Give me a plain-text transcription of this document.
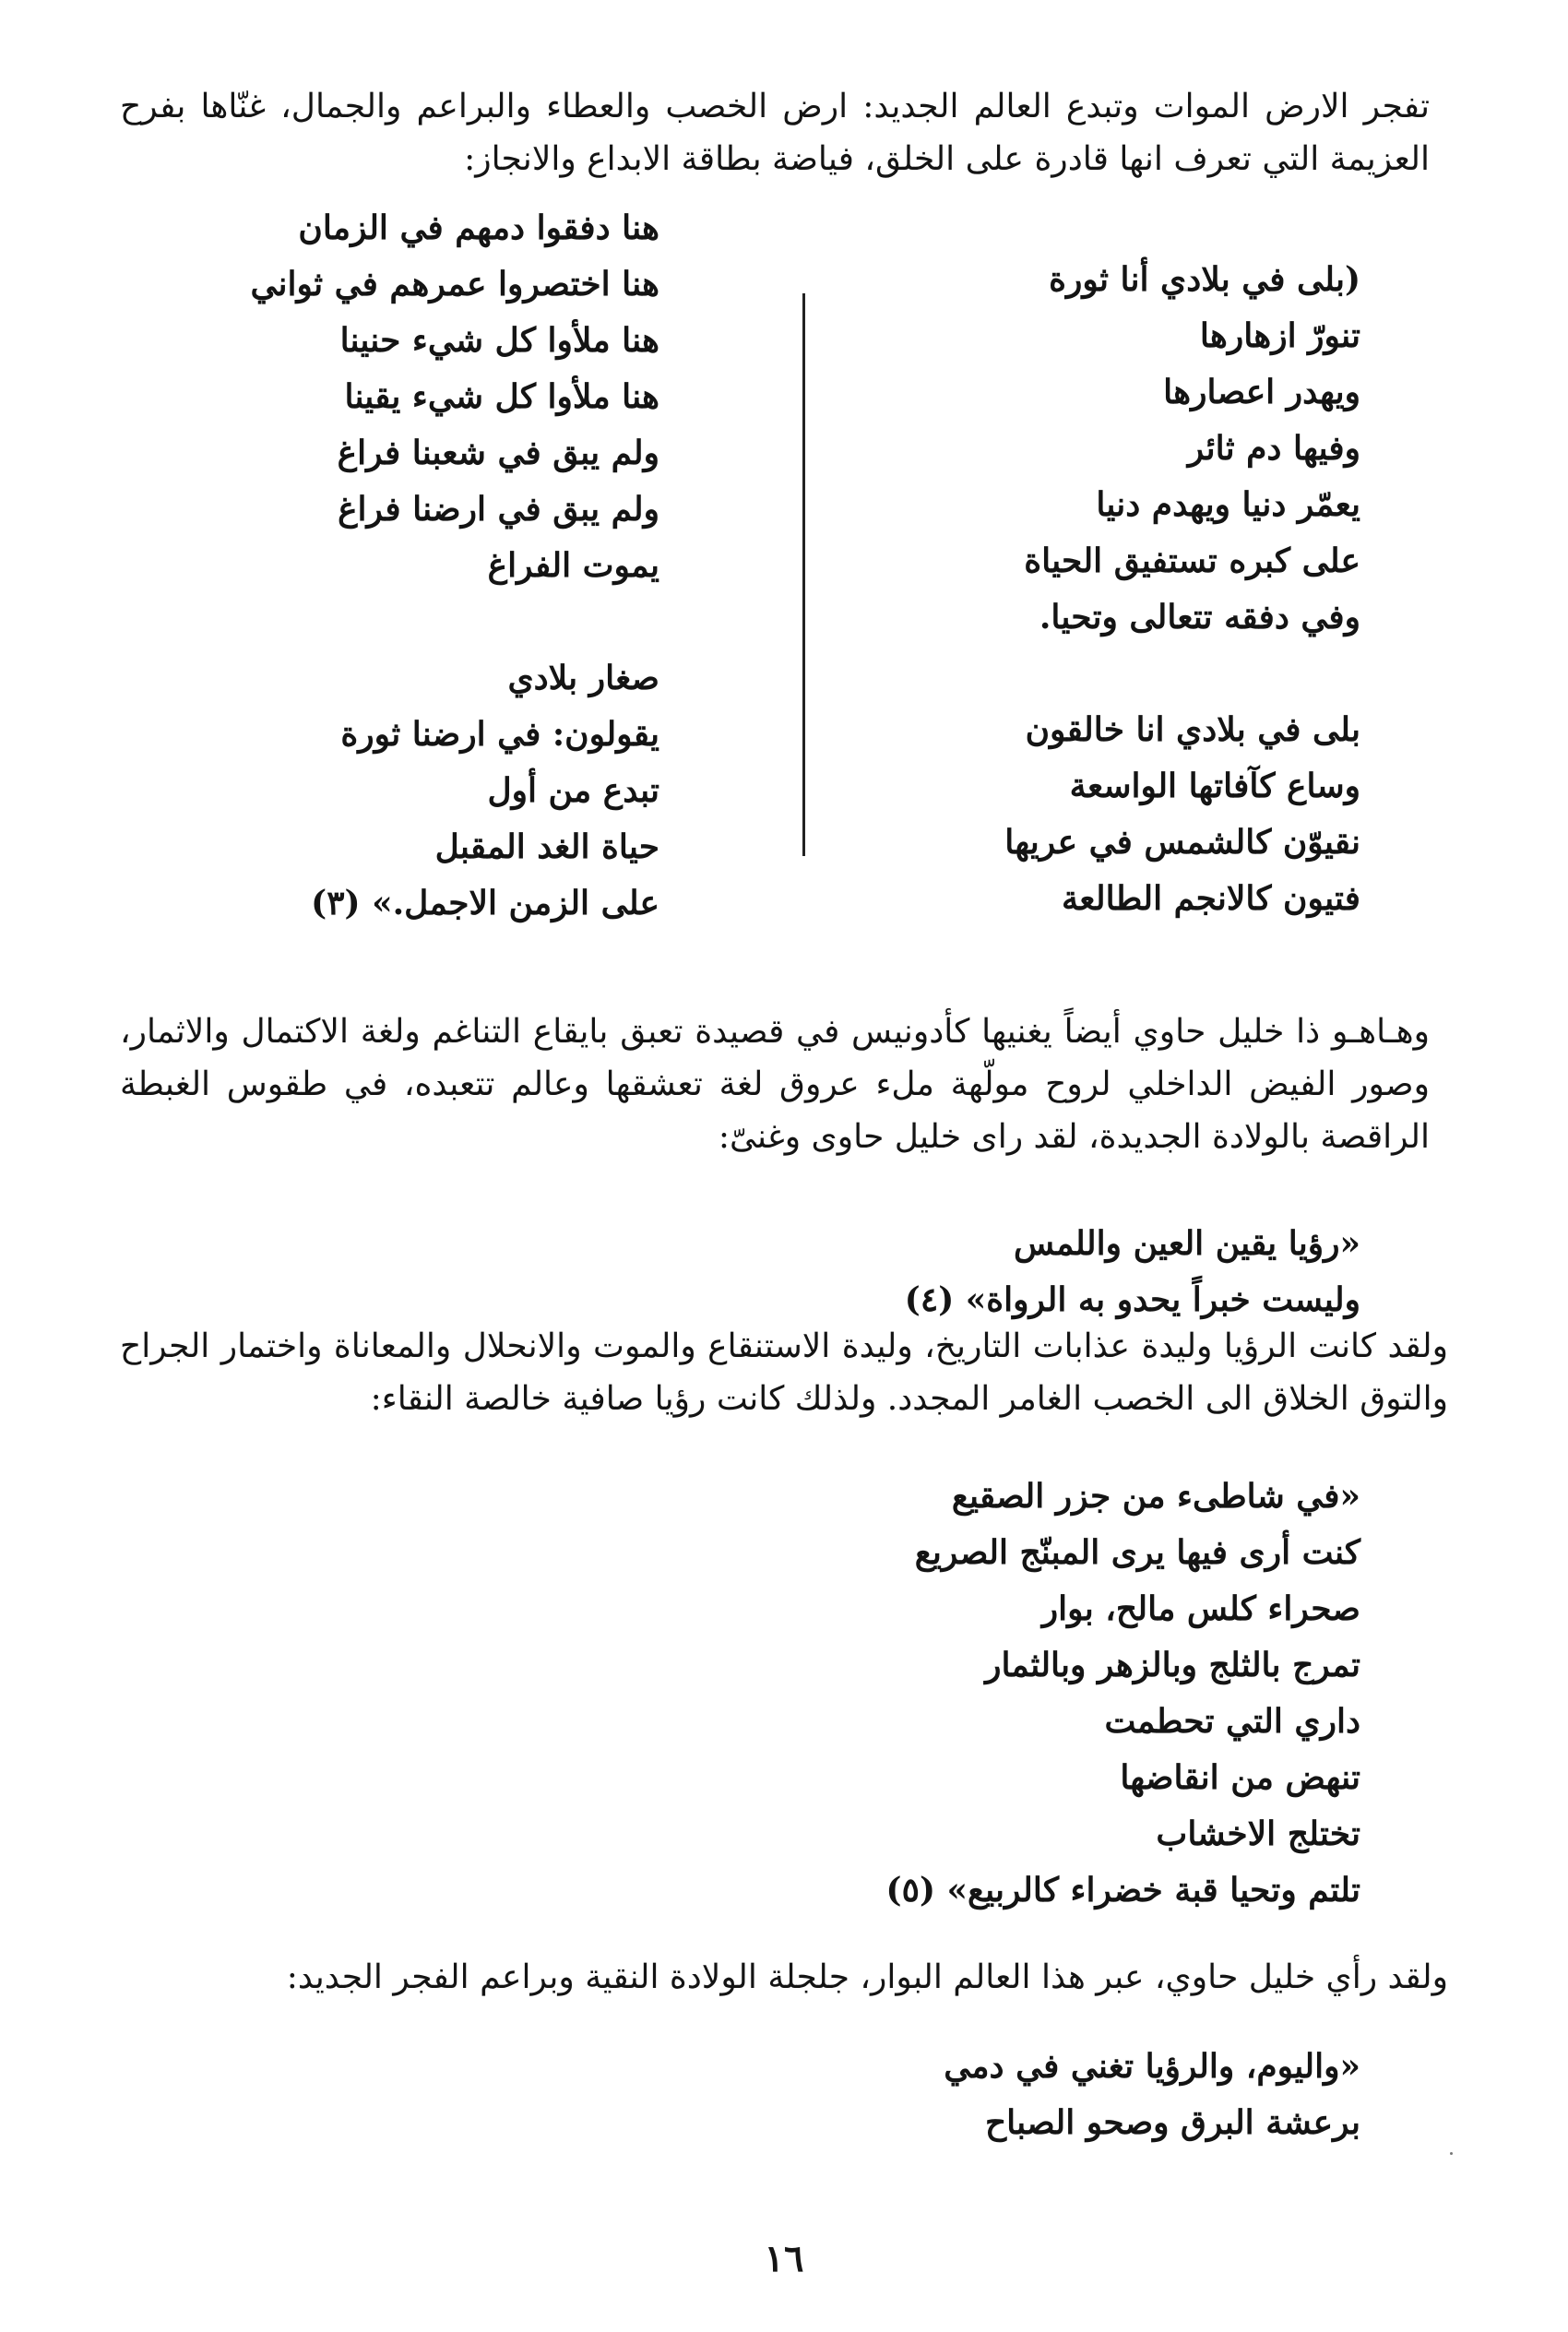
تفجر الارض الموات وتبدع العالم الجديد: ارض الخصب والعطاء والبراعم والجمال، غنّاها بفرح العزيمة التي تعرف انها قادرة على الخلق، فياضة بطاقة الابداع والانجاز:

(بلى في بلادي أنا ثورة
تنورّ ازهارها
ويهدر اعصارها
وفيها دم ثائر
يعمّر دنيا ويهدم دنيا
على كبره تستفيق الحياة
وفي دفقه تتعالى وتحيا.

بلى في بلادي انا خالقون
وساع كآفاتها الواسعة
نقيوّن كالشمس في عريها
فتيون كالانجم الطالعة
هنا دفقوا دمهم في الزمان
هنا اختصروا عمرهم في ثواني
هنا ملأوا كل شيء حنينا
هنا ملأوا كل شيء يقينا
ولم يبق في شعبنا فراغ
ولم يبق في ارضنا فراغ
يموت الفراغ

صغار بلادي
يقولون: في ارضنا ثورة
تبدع من أول
حياة الغد المقبل
على الزمن الاجمل.» (٣)

وهـاهـو ذا خليل حاوي أيضاً يغنيها كأدونيس في قصيدة تعبق بايقاع التناغم ولغة الاكتمال والاثمار، وصور الفيض الداخلي لروح مولّهة ملء عروق لغة تعشقها وعالم تتعبده، في طقوس الغبطة الراقصة بالولادة الجديدة، لقد راى خليل حاوى وغنىّ:

«رؤيا يقين العين واللمس
وليست خبراً يحدو به الرواة» (٤)

ولقد كانت الرؤيا وليدة عذابات التاريخ، وليدة الاستنقاع والموت والانحلال والمعاناة واختمار الجراح والتوق الخلاق الى الخصب الغامر المجدد. ولذلك كانت رؤيا صافية خالصة النقاء:

«في شاطىء من جزر الصقيع
كنت أرى فيها يرى المبنّج الصريع
صحراء كلس مالح، بوار
تمرج بالثلج وبالزهر وبالثمار
داري التي تحطمت
تنهض من انقاضها
تختلج الاخشاب
تلتم وتحيا قبة خضراء كالربيع» (٥)

ولقد رأي خليل حاوي، عبر هذا العالم البوار، جلجلة الولادة النقية وبراعم الفجر الجديد:

«واليوم، والرؤيا تغني في دمي
برعشة البرق وصحو الصباح
١٦
